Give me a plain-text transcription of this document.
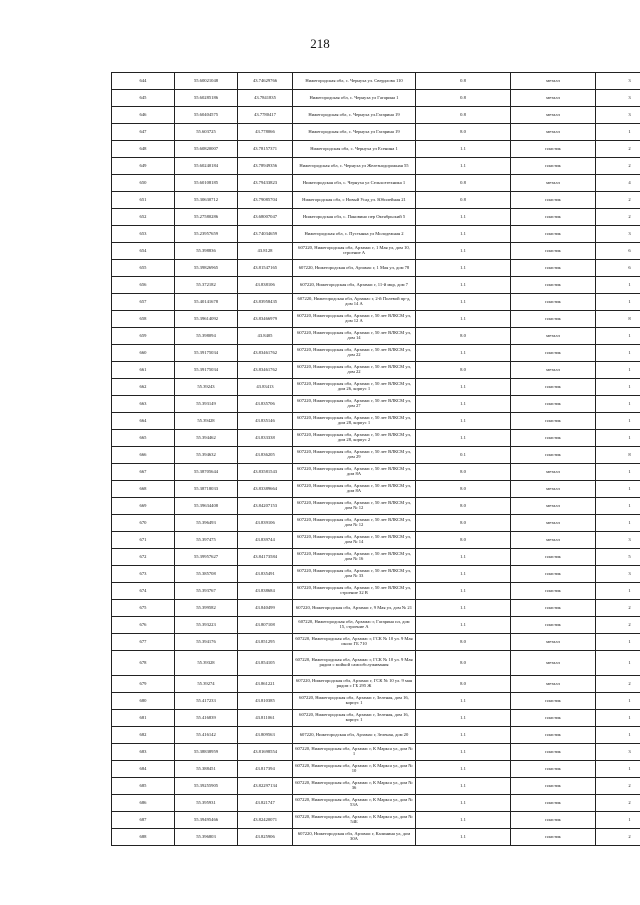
218
644	55.60021048	43.74629766	Нижегородская обл, с. Чернуха ул. Свердлова 110	0.8	металл	3
645	55.60285186	43.7841835	Нижегородская обл, с. Чернуха ул Гагарина 1	0.8	металл	3
646	55.60404575	43.7780417	Нижегородская обл, с. Чернуха ул.Гагарина 19	0.8	металл	3
647	55.603725	43.778066	Нижегородская обл, с. Чернуха ул Гагарина 19	8.0	металл	1
648	55.60820007	43.78157371	Нижегородская обл, с. Чернуха ул Есенина 1	1.1	пластик	2
649	55.60240184	43.78949356	Нижегородская обл, с. Чернуха ул Железнодорожная 55	1.1	пластик	2
650	55.60108185	43.79433823	Нижегородская обл, с. Чернуха ул Сельхозтехника 1	0.8	металл	4
651	55.30630712	43.79085704	Нижегородская обл, с Новый Усад ул. Юбилейная 21	0.8	пластик	2
652	55.27580286	43.68007047	Нижегородская обл, с. Пановино пер Октябрьский 5	1.1	пластик	2
653	55.23957659	43.74034659	Нижегородская обл, с. Пустынка ул Молодежная 2	1.1	пластик	3
654	55.398836	43.8128	607220, Нижегородская обл, Арзамас г, 1 Мая ул, дом 10, строение А	1.1	пластик	6
655	55.39826965	43.81547165	607220, Нижегородская обл, Арзамас г, 1 Мая ул, дом 78	1.1	пластик	6
656	55.372182	43.838106	607220, Нижегородская обл, Арзамас г, 11-й мкр, дом 7	1.1	пластик	1
657	55.40141678	43.83958435	607220, Нижегородская обл, Арзамас г, 2-й Полевой пр-д, дом 14 А	1.1	пластик	1
658	55.39614092	43.83466979	607220, Нижегородская обл, Арзамас г, 50 лет ВЛКСМ ул, дом 12 А	1.1	пластик	8
659	55.398094	43.8405	607220, Нижегородская обл, Арзамас г, 50 лет ВЛКСМ ул, дом 14	8.0	металл	1
660	55.39175034	43.83461762	607220, Нижегородская обл, Арзамас г, 50 лет ВЛКСМ ул, дом 22	1.1	пластик	1
661	55.39175034	43.83461762	607220, Нижегородская обл, Арзамас г, 50 лет ВЛКСМ ул, дом 22	8.0	металл	1
662	55.39243	43.83413	607220, Нижегородская обл, Арзамас г, 50 лет ВЛКСМ ул, дом 26, корпус 1	1.1	пластик	1
663	55.393149	43.835706	607220, Нижегородская обл, Арзамас г, 50 лет ВЛКСМ ул, дом 27	1.1	пластик	1
664	55.39428	43.835146	607220, Нижегородская обл, Арзамас г, 50 лет ВЛКСМ ул, дом 28, корпус 1	1.1	пластик	1
665	55.394462	43.833338	607220, Нижегородская обл, Арзамас г, 50 лет ВЛКСМ ул, дом 28, корпус 2	1.1	пластик	1
666	55.394632	43.836205	607220, Нижегородская обл, Арзамас г, 50 лет ВЛКСМ ул, дом 29	0.1	пластик	8
667	55.38705644	43.83581543	607220, Нижегородская обл, Арзамас г, 50 лет ВЛКСМ ул, дом 8А	8.0	металл	1
668	55.38718033	43.83389664	607220, Нижегородская обл, Арзамас г, 50 лет ВЛКСМ ул, дом 8А	8.0	металл	1
669	55.39634408	43.84207153	607220, Нижегородская обл, Арзамас г, 50 лет ВЛКСМ ул, дом № 12	8.0	металл	1
670	55.396493	43.839106	607220, Нижегородская обл, Арзамас г, 50 лет ВЛКСМ ул, дом № 12	8.0	металл	1
671	55.397475	43.839744	607220, Нижегородская обл, Арзамас г, 50 лет ВЛКСМ ул, дом № 14	8.0	металл	3
672	55.39957627	43.84173584	607220, Нижегородская обл, Арзамас г, 50 лет ВЛКСМ ул, дом № 16	1.1	пластик	5
673	55.385708	43.835491	607220, Нижегородская обл, Арзамас г, 50 лет ВЛКСМ ул, дом № 33	1.1	пластик	3
674	55.393767	43.838684	607220, Нижегородская обл, Арзамас г, 50 лет ВЛКСМ ул, строение 32 В	1.1	пластик	1
675	55.399582	43.840499	607220, Нижегородская обл, Арзамас г, 9 Мая ул, дом № 21	1.1	пластик	2
676	55.393223	43.807108	607220, Нижегородская обл, Арзамас г, Гагарина пл, дом 15, строение А	1.1	пластик	2
677	55.394176	43.851295	607220, Нижегородская обл, Арзамас г, ГСК № 10 ул. 9 Мая около ГБ 710	8.0	металл	1
678	55.39328	43.854105	607220, Нижегородская обл, Арзамас г, ГСК № 10 ул. 9 Мая рядом с мойкой самообслуживания	8.0	металл	1
679	55.39274	43.861221	607220, Нижегородская обл, Арзамас г, ГСК № 10 ул. 9 мая рядом с ГБ 295 Ж	8.0	металл	2
680	55.417233	43.810385	607220, Нижегородская обл, Арзамас г, Зеленая, дом 16, корпус 1	1.1	пластик	1
681	55.416839	43.811061	607220, Нижегородская обл, Арзамас г, Зеленая, дом 16, корпус 1	1.1	пластик	1
682	55.416142	43.809563	607220, Нижегородская обл, Арзамас г, Зеленая, дом 20	1.1	пластик	1
683	55.38838959	43.81698554	607220, Нижегородская обл, Арзамас г, К Маркса ул, дом № 1	1.1	пластик	3
684	55.388451	43.817394	607220, Нижегородская обл, Арзамас г, К Маркса ул, дом № 10	1.1	пластик	1
685	55.39255905	43.82297134	607220, Нижегородская обл, Арзамас г, К Маркса ул, дом № 36	1.1	пластик	2
686	55.395931	43.821747	607220, Нижегородская обл, Арзамас г, К Маркса ул, дом № 53А	1.1	пластик	2
687	55.39495466	43.82420071	607220, Нижегородская обл, Арзамас г, К Маркса ул, дом № 54Б	1.1	пластик	1
688	55.396803	43.825906	607220, Нижегородская обл, Арзамас г, Калинина ул, дом 30А	1.1	пластик	2
